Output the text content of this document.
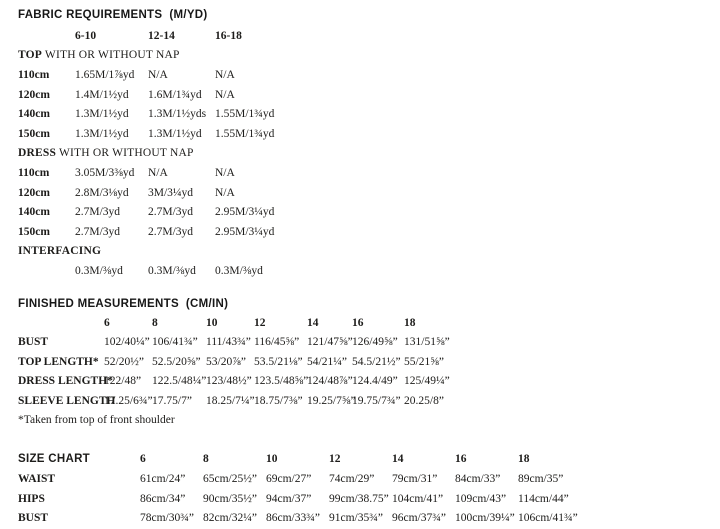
FABRIC REQUIREMENTS  (M/YD)
	6-10	12-14	16-18
TOP WITH OR WITHOUT NAP			
110cm	1.65M/1⅞yd	N/A	N/A
120cm	1.4M/1½yd	1.6M/1¾yd	N/A
140cm	1.3M/1½yd	1.3M/1½yds	1.55M/1¾yd
150cm	1.3M/1½yd	1.3M/1½yd	1.55M/1¾yd
DRESS WITH OR WITHOUT NAP			
110cm	3.05M/3⅜yd	N/A	N/A
120cm	2.8M/3⅛yd	3M/3¼yd	N/A
140cm	2.7M/3yd	2.7M/3yd	2.95M/3¼yd
150cm	2.7M/3yd	2.7M/3yd	2.95M/3¼yd
INTERFACING			
	0.3M/⅜yd	0.3M/⅜yd	0.3M/⅜yd
FINISHED MEASUREMENTS  (CM/IN)
	6	8	10	12	14	16	18
BUST	102/40¼”	106/41¾”	111/43¾”	116/45⅝”	121/47⅝”	126/49⅝”	131/51⅝”
TOP LENGTH*	52/20½”	52.5/20⅝”	53/20⅞”	53.5/21⅛”	54/21¼”	54.5/21½”	55/21⅝”
DRESS LENGTH*	122/48”	122.5/48¼”	123/48½”	123.5/48⅝”	124/48⅞”	124.4/49”	125/49¼”
SLEEVE LENGTH	17.25/6¾”	17.75/7”	18.25/7¼”	18.75/7⅜”	19.25/7⅝”	19.75/7¾”	20.25/8”

*Taken from top of front shoulder

SIZE CHART	6	8	10	12	14	16	18
WAIST	61cm/24”	65cm/25½”	69cm/27”	74cm/29”	79cm/31”	84cm/33”	89cm/35”
HIPS	86cm/34”	90cm/35½”	94cm/37”	99cm/38.75”	104cm/41”	109cm/43”	114cm/44”
BUST	78cm/30¾”	82cm/32¼”	86cm/33¾”	91cm/35¾”	96cm/37¾”	100cm/39¼”	106cm/41¾”
